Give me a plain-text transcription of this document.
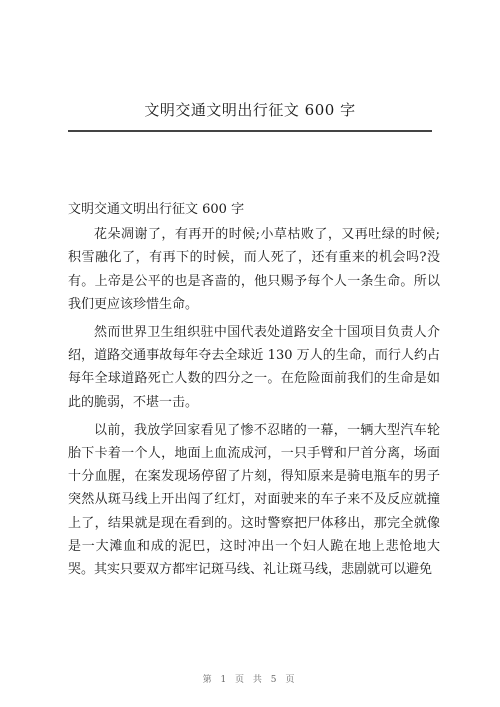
文明交通文明出行征文 600 字
文明交通文明出行征文 600 字

花朵凋谢了，有再开的时候;小草枯败了，又再吐绿的时候;积雪融化了，有再下的时候，而人死了，还有重来的机会吗?没有。上帝是公平的也是吝啬的，他只赐予每个人一条生命。所以我们更应该珍惜生命。

然而世界卫生组织驻中国代表处道路安全十国项目负责人介绍，道路交通事故每年夺去全球近 130 万人的生命，而行人约占每年全球道路死亡人数的四分之一。在危险面前我们的生命是如此的脆弱，不堪一击。

以前，我放学回家看见了惨不忍睹的一幕，一辆大型汽车轮胎下卡着一个人，地面上血流成河，一只手臂和尸首分离，场面十分血腥，在案发现场停留了片刻，得知原来是骑电瓶车的男子突然从斑马线上开出闯了红灯，对面驶来的车子来不及反应就撞上了，结果就是现在看到的。这时警察把尸体移出，那完全就像是一大滩血和成的泥巴，这时冲出一个妇人跪在地上悲怆地大哭。其实只要双方都牢记斑马线、礼让斑马线，悲剧就可以避免

第 1 页 共 5 页
